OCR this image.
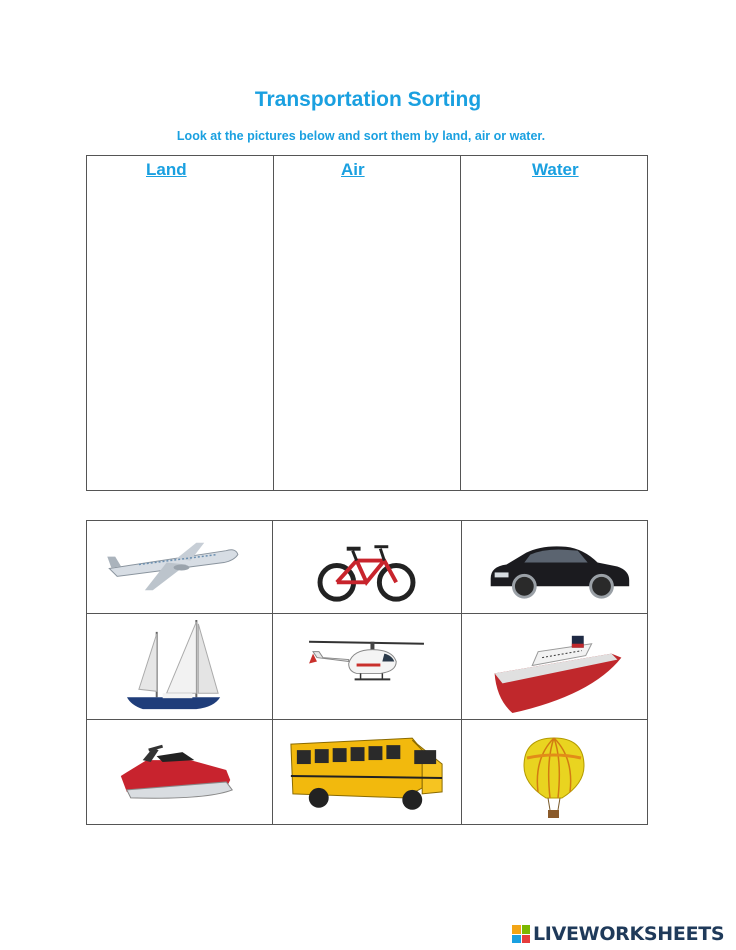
Transportation Sorting
Look at the pictures below and sort them by land, air or water.
Land	Air	Water
LIVEWORKSHEETS
